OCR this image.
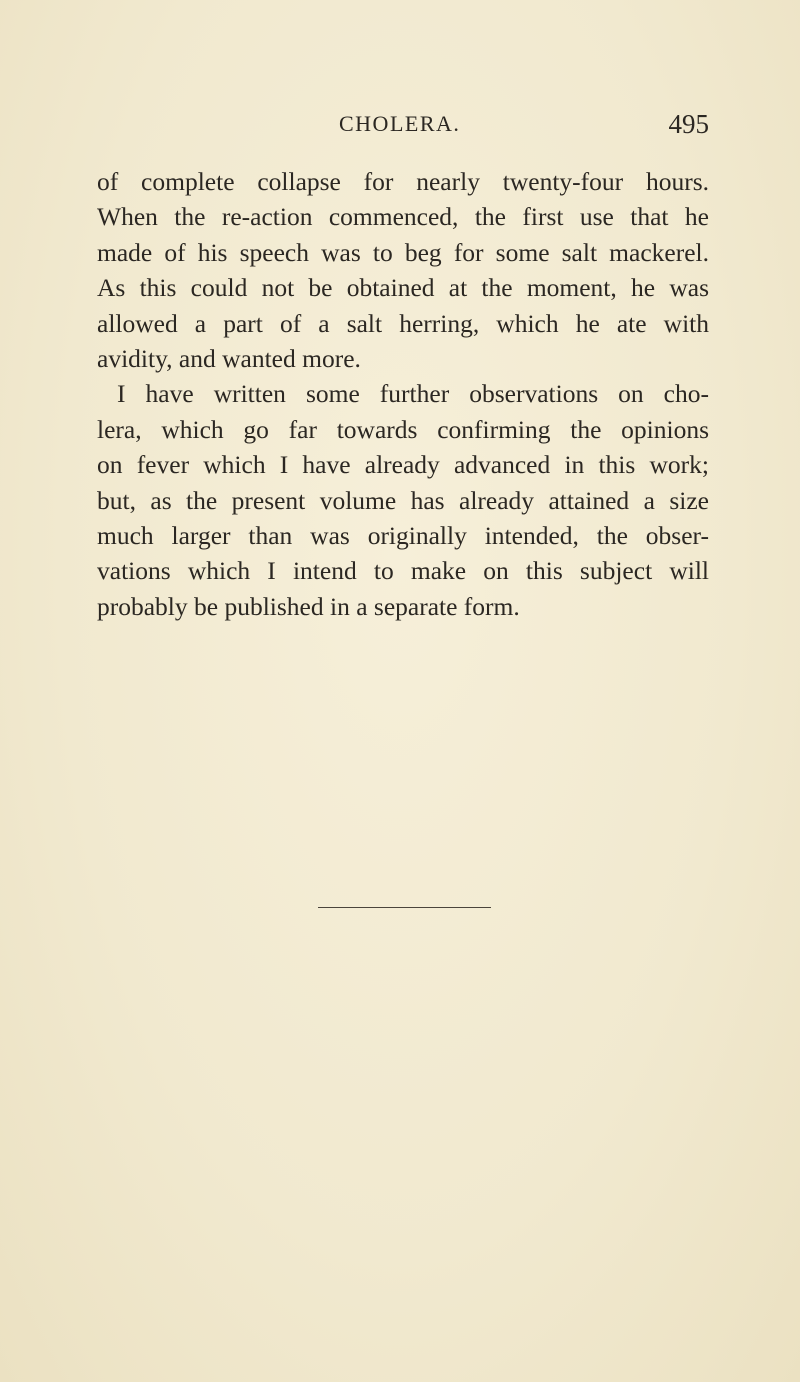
CHOLERA.	495
of complete collapse for nearly twenty-four hours.
When the re-action commenced, the first use that he
made of his speech was to beg for some salt mackerel.
As this could not be obtained at the moment, he was
allowed a part of a salt herring, which he ate with
avidity, and wanted more.
I have written some further observations on cho-
lera, which go far towards confirming the opinions
on fever which I have already advanced in this work;
but, as the present volume has already attained a size
much larger than was originally intended, the obser-
vations which I intend to make on this subject will
probably be published in a separate form.
